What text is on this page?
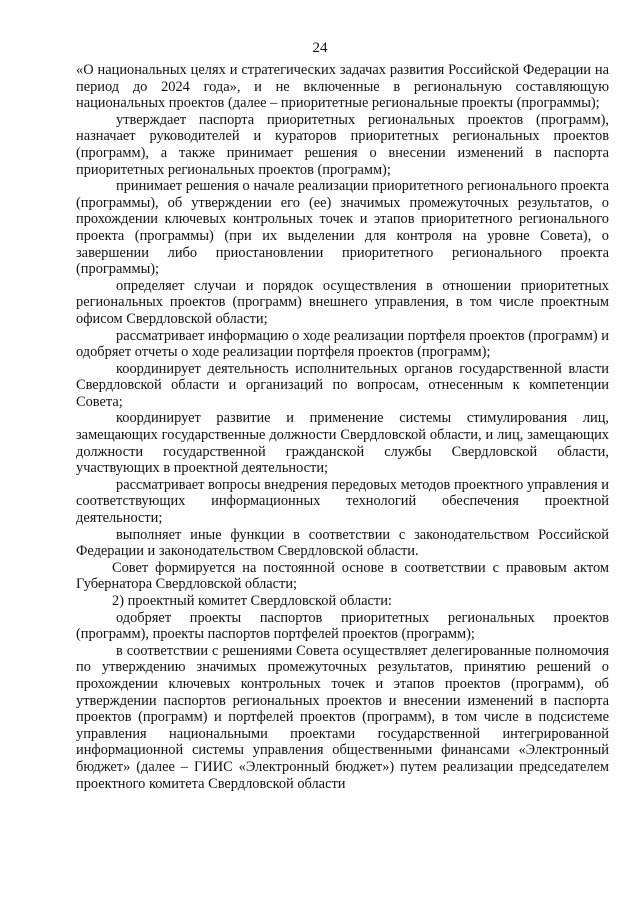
24

«О национальных целях и стратегических задачах развития Российской Федерации на период до 2024 года», и не включенные в региональную составляющую национальных проектов (далее – приоритетные региональные проекты (программы);

утверждает паспорта приоритетных региональных проектов (программ), назначает руководителей и кураторов приоритетных региональных проектов (программ), а также принимает решения о внесении изменений в паспорта приоритетных региональных проектов (программ);

принимает решения о начале реализации приоритетного регионального проекта (программы), об утверждении его (ее) значимых промежуточных результатов, о прохождении ключевых контрольных точек и этапов приоритетного регионального проекта (программы) (при их выделении для контроля на уровне Совета), о завершении либо приостановлении приоритетного регионального проекта (программы);

определяет случаи и порядок осуществления в отношении приоритетных региональных проектов (программ) внешнего управления, в том числе проектным офисом Свердловской области;

рассматривает информацию о ходе реализации портфеля проектов (программ) и одобряет отчеты о ходе реализации портфеля проектов (программ);

координирует деятельность исполнительных органов государственной власти Свердловской области и организаций по вопросам, отнесенным к компетенции Совета;

координирует развитие и применение системы стимулирования лиц, замещающих государственные должности Свердловской области, и лиц, замещающих должности государственной гражданской службы Свердловской области, участвующих в проектной деятельности;

рассматривает вопросы внедрения передовых методов проектного управления и соответствующих информационных технологий обеспечения проектной деятельности;

выполняет иные функции в соответствии с законодательством Российской Федерации и законодательством Свердловской области.

Совет формируется на постоянной основе в соответствии с правовым актом Губернатора Свердловской области;

2) проектный комитет Свердловской области:

одобряет проекты паспортов приоритетных региональных проектов (программ), проекты паспортов портфелей проектов (программ);

в соответствии с решениями Совета осуществляет делегированные полномочия по утверждению значимых промежуточных результатов, принятию решений о прохождении ключевых контрольных точек и этапов проектов (программ), об утверждении паспортов региональных проектов и внесении изменений в паспорта проектов (программ) и портфелей проектов (программ), в том числе в подсистеме управления национальными проектами государственной интегрированной информационной системы управления общественными финансами «Электронный бюджет» (далее – ГИИС «Электронный бюджет») путем реализации председателем проектного комитета Свердловской области
